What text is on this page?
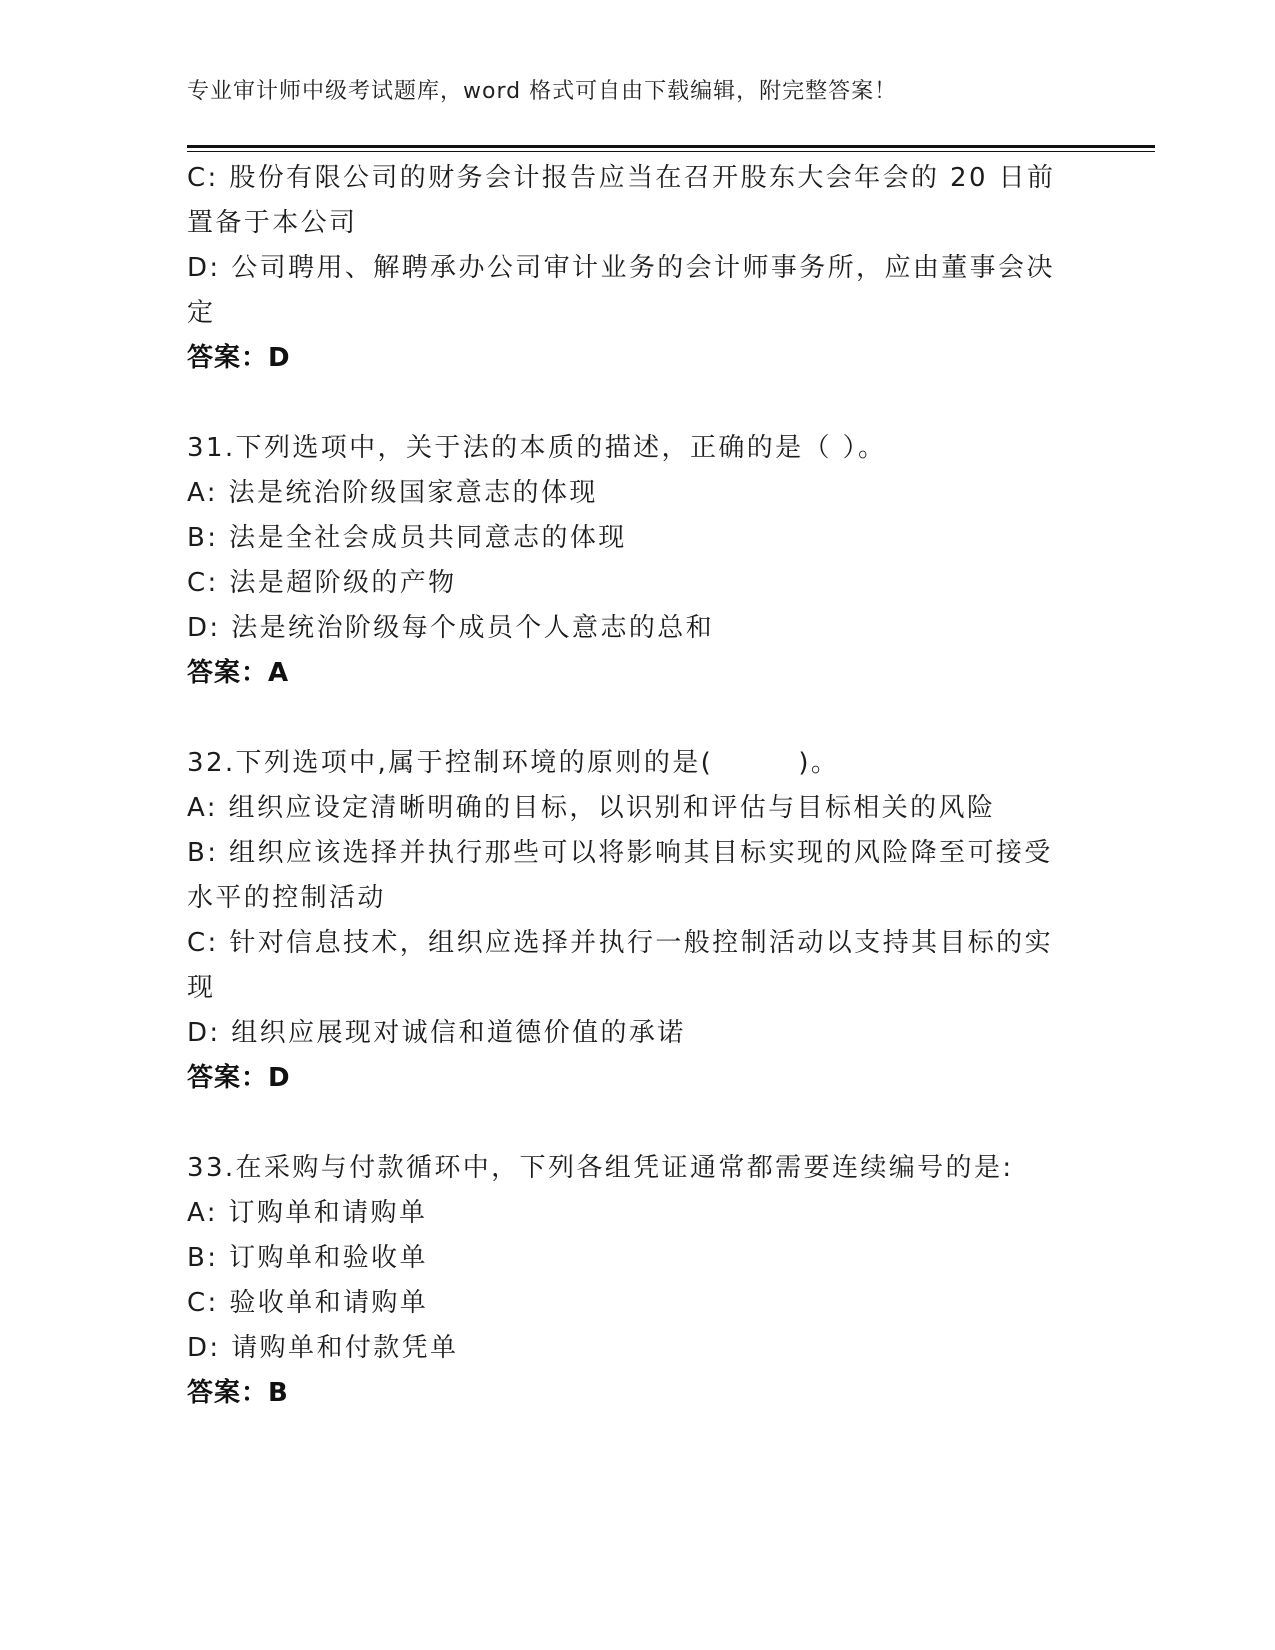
专业审计师中级考试题库，word 格式可自由下载编辑，附完整答案！
C: 股份有限公司的财务会计报告应当在召开股东大会年会的 20 日前
置备于本公司
D: 公司聘用、解聘承办公司审计业务的会计师事务所，应由董事会决
定
答案：D
31.下列选项中，关于法的本质的描述，正确的是（ ）。
A: 法是统治阶级国家意志的体现
B: 法是全社会成员共同意志的体现
C: 法是超阶级的产物
D: 法是统治阶级每个成员个人意志的总和
答案：A
32.下列选项中,属于控制环境的原则的是(　　　)。
A: 组织应设定清晰明确的目标，以识别和评估与目标相关的风险
B: 组织应该选择并执行那些可以将影响其目标实现的风险降至可接受
水平的控制活动
C: 针对信息技术，组织应选择并执行一般控制活动以支持其目标的实
现
D: 组织应展现对诚信和道德价值的承诺
答案：D
33.在采购与付款循环中，下列各组凭证通常都需要连续编号的是:
A: 订购单和请购单
B: 订购单和验收单
C: 验收单和请购单
D: 请购单和付款凭单
答案：B
